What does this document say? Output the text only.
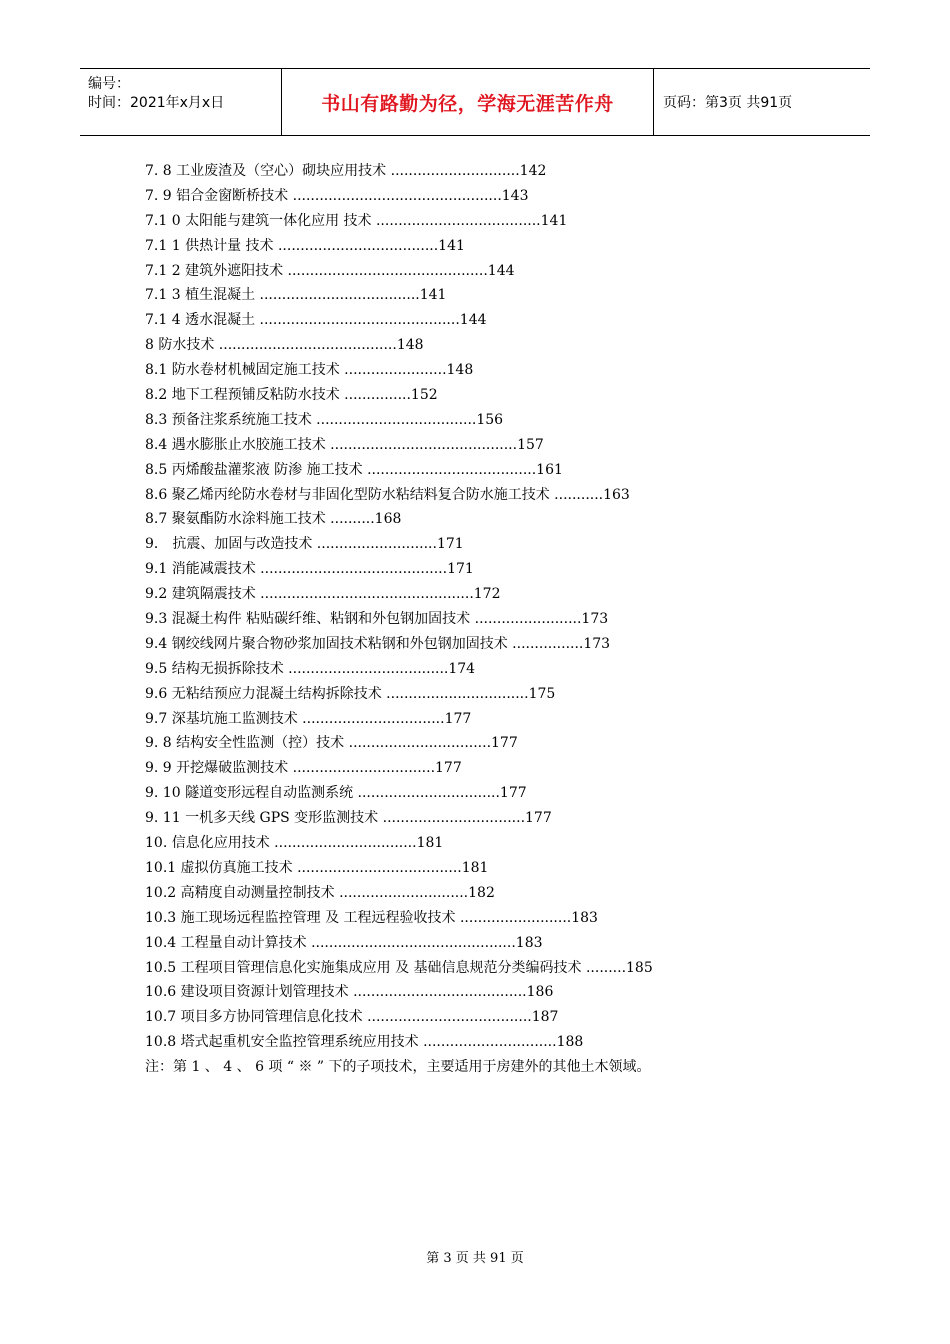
编号：
时间：2021年x月x日	书山有路勤为径，学海无涯苦作舟	页码：第3页 共91页
7. 8 工业废渣及（空心）砌块应用技术 .............................142
7. 9 铝合金窗断桥技术 ...............................................143
7.1 0 太阳能与建筑一体化应用 技术 .....................................141
7.1 1 供热计量 技术 ....................................141
7.1 2 建筑外遮阳技术 .............................................144
7.1 3 植生混凝土 ....................................141
7.1 4 透水混凝土 .............................................144
8 防水技术 ........................................148
8.1 防水卷材机械固定施工技术 .......................148
8.2 地下工程预铺反粘防水技术 ...............152
8.3 预备注浆系统施工技术 ....................................156
8.4 遇水膨胀止水胶施工技术 ..........................................157
8.5 丙烯酸盐灌浆液 防渗 施工技术 ......................................161
8.6 聚乙烯丙纶防水卷材与非固化型防水粘结料复合防水施工技术 ...........163
8.7 聚氨酯防水涂料施工技术 ..........168
9． 抗震、加固与改造技术 ...........................171
9.1 消能减震技术 ..........................................171
9.2 建筑隔震技术 ................................................172
9.3 混凝土构件 粘贴碳纤维、粘钢和外包钢加固技术 ........................173
9.4 钢绞线网片聚合物砂浆加固技术粘钢和外包钢加固技术 ................173
9.5 结构无损拆除技术 ....................................174
9.6 无粘结预应力混凝土结构拆除技术 ................................175
9.7 深基坑施工监测技术 ................................177
9. 8 结构安全性监测（控）技术 ................................177
9. 9 开挖爆破监测技术 ................................177
9. 10 隧道变形远程自动监测系统 ................................177
9. 11 一机多天线 GPS 变形监测技术 ................................177
10. 信息化应用技术 ................................181
10.1 虚拟仿真施工技术 .....................................181
10.2 高精度自动测量控制技术 .............................182
10.3 施工现场远程监控管理 及 工程远程验收技术 .........................183
10.4 工程量自动计算技术 ..............................................183
10.5 工程项目管理信息化实施集成应用 及 基础信息规范分类编码技术 .........185
10.6 建设项目资源计划管理技术 .......................................186
10.7 项目多方协同管理信息化技术 .....................................187
10.8 塔式起重机安全监控管理系统应用技术 ..............................188
注：第 1 、 4 、 6 项 “ ※ ” 下的子项技术，主要适用于房建外的其他土木领域。
第 3 页 共 91 页
